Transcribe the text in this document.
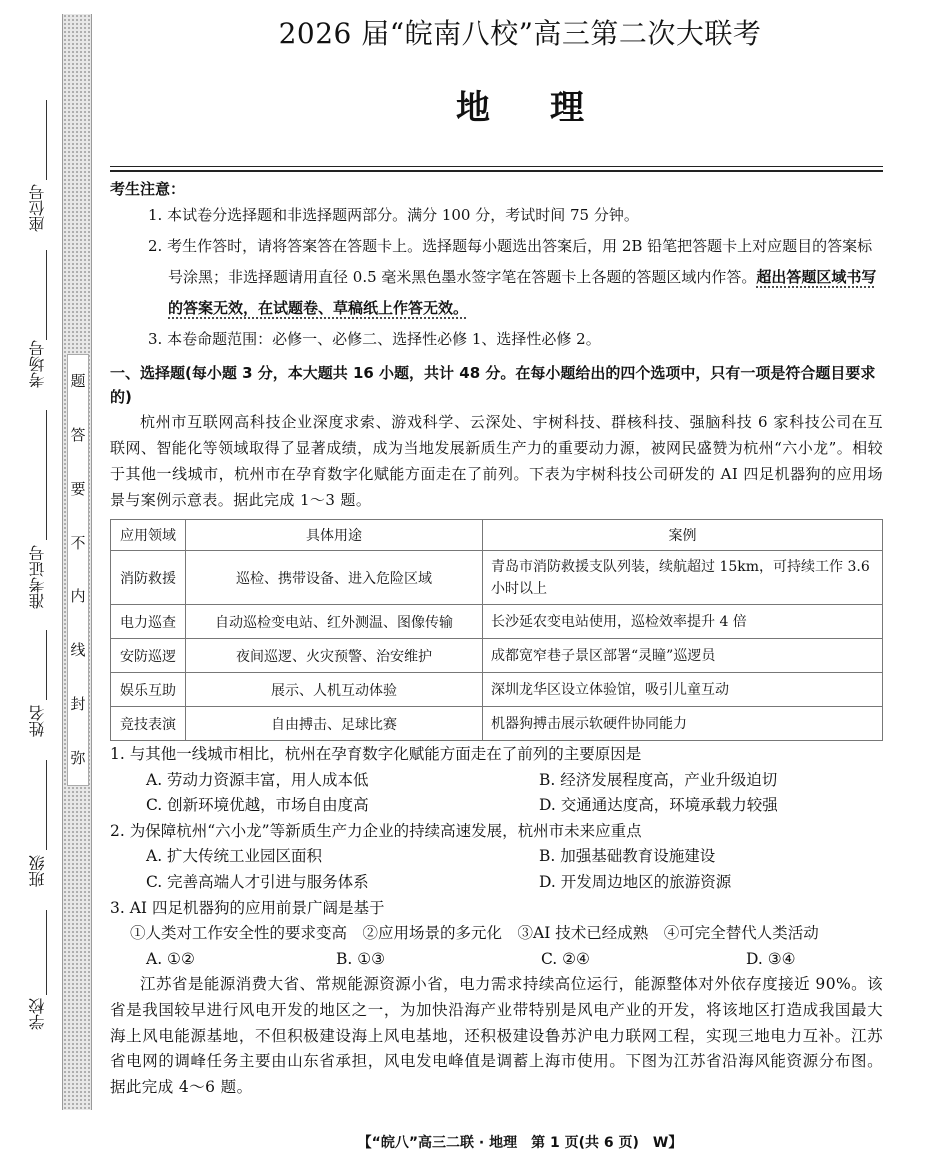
题
答
要
不
内
线
封
弥
座位号
考场号
准考证号
姓名
班级
学校
2026 届“皖南八校”高三第二次大联考
地理
考生注意：
1. 本试卷分选择题和非选择题两部分。满分 100 分，考试时间 75 分钟。
2. 考生作答时，请将答案答在答题卡上。选择题每小题选出答案后，用 2B 铅笔把答题卡上对应题目的答案标号涂黑；非选择题请用直径 0.5 毫米黑色墨水签字笔在答题卡上各题的答题区域内作答。超出答题区域书写的答案无效，在试题卷、草稿纸上作答无效。
3. 本卷命题范围：必修一、必修二、选择性必修 1、选择性必修 2。
一、选择题(每小题 3 分，本大题共 16 小题，共计 48 分。在每小题给出的四个选项中，只有一项是符合题目要求的)
杭州市互联网高科技企业深度求索、游戏科学、云深处、宇树科技、群核科技、强脑科技 6 家科技公司在互联网、智能化等领域取得了显著成绩，成为当地发展新质生产力的重要动力源，被网民盛赞为杭州“六小龙”。相较于其他一线城市，杭州市在孕育数字化赋能方面走在了前列。下表为宇树科技公司研发的 AI 四足机器狗的应用场景与案例示意表。据此完成 1～3 题。
应用领域	具体用途	案例
消防救援	巡检、携带设备、进入危险区域	青岛市消防救援支队列装，续航超过 15km，可持续工作 3.6 小时以上
电力巡查	自动巡检变电站、红外测温、图像传输	长沙延农变电站使用，巡检效率提升 4 倍
安防巡逻	夜间巡逻、火灾预警、治安维护	成都宽窄巷子景区部署“灵瞳”巡逻员
娱乐互助	展示、人机互动体验	深圳龙华区设立体验馆，吸引儿童互动
竞技表演	自由搏击、足球比赛	机器狗搏击展示软硬件协同能力
1. 与其他一线城市相比，杭州在孕育数字化赋能方面走在了前列的主要原因是
A. 劳动力资源丰富，用人成本低	B. 经济发展程度高，产业升级迫切
C. 创新环境优越，市场自由度高	D. 交通通达度高，环境承载力较强
2. 为保障杭州“六小龙”等新质生产力企业的持续高速发展，杭州市未来应重点
A. 扩大传统工业园区面积	B. 加强基础教育设施建设
C. 完善高端人才引进与服务体系	D. 开发周边地区的旅游资源
3. AI 四足机器狗的应用前景广阔是基于
①人类对工作安全性的要求变高　②应用场景的多元化　③AI 技术已经成熟　④可完全替代人类活动
A. ①②	B. ①③	C. ②④	D. ③④
江苏省是能源消费大省、常规能源资源小省，电力需求持续高位运行，能源整体对外依存度接近 90%。该省是我国较早进行风电开发的地区之一，为加快沿海产业带特别是风电产业的开发，将该地区打造成我国最大海上风电能源基地，不但积极建设海上风电基地，还积极建设鲁苏沪电力联网工程，实现三地电力互补。江苏省电网的调峰任务主要由山东省承担，风电发电峰值是调蓄上海市使用。下图为江苏省沿海风能资源分布图。据此完成 4～6 题。
【“皖八”高三二联 · 地理　第 1 页(共 6 页)　W】
